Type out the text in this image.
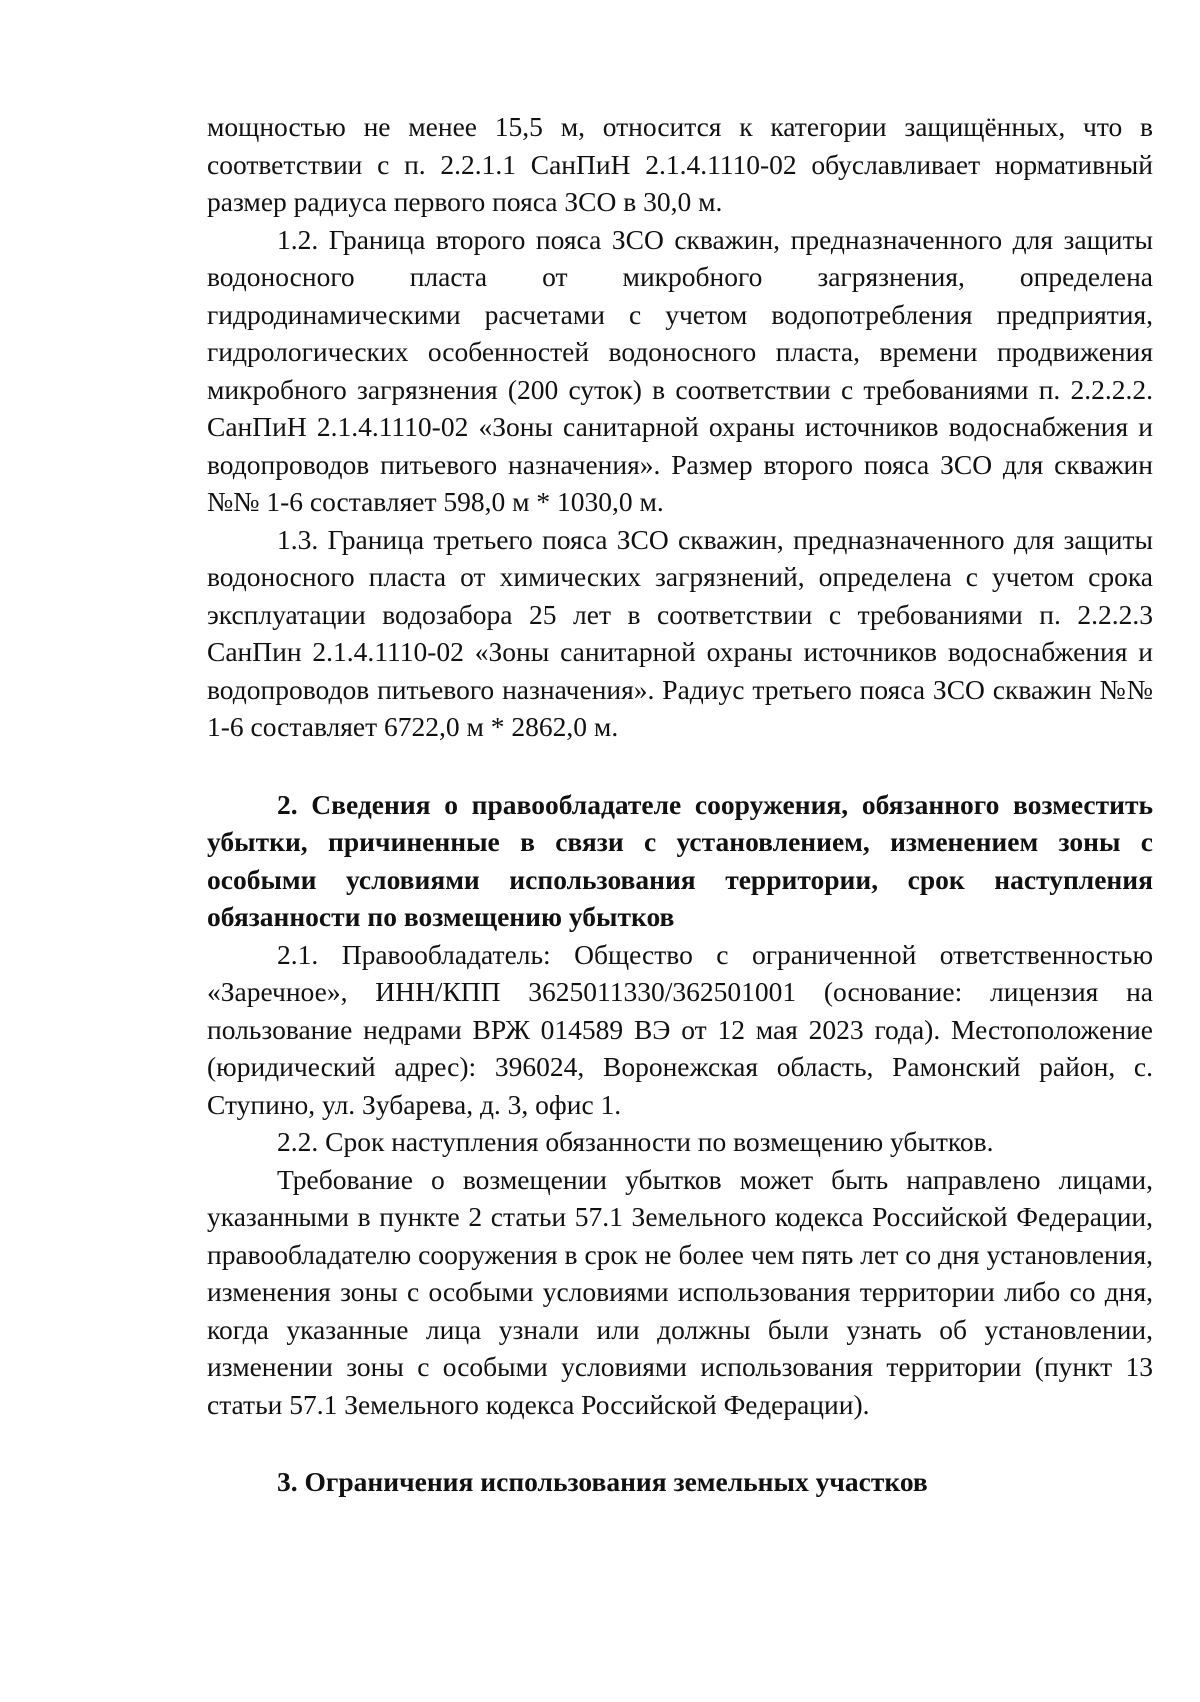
мощностью не менее 15,5 м, относится к категории защищённых, что в соответствии с п. 2.2.1.1 СанПиН 2.1.4.1110-02 обуславливает нормативный размер радиуса первого пояса ЗСО в 30,0 м.

1.2. Граница второго пояса ЗСО скважин, предназначенного для защиты водоносного пласта от микробного загрязнения, определена гидродинамическими расчетами с учетом водопотребления предприятия, гидрологических особенностей водоносного пласта, времени продвижения микробного загрязнения (200 суток) в соответствии с требованиями п. 2.2.2.2. СанПиН 2.1.4.1110-02 «Зоны санитарной охраны источников водоснабжения и водопроводов питьевого назначения». Размер второго пояса ЗСО для скважин №№ 1-6 составляет 598,0 м * 1030,0 м.

1.3. Граница третьего пояса ЗСО скважин, предназначенного для защиты водоносного пласта от химических загрязнений, определена с учетом срока эксплуатации водозабора 25 лет в соответствии с требованиями п. 2.2.2.3 СанПин 2.1.4.1110-02 «Зоны санитарной охраны источников водоснабжения и водопроводов питьевого назначения». Радиус третьего пояса ЗСО скважин №№ 1-6 составляет 6722,0 м * 2862,0 м.

2. Сведения о правообладателе сооружения, обязанного возместить убытки, причиненные в связи с установлением, изменением зоны с особыми условиями использования территории, срок наступления обязанности по возмещению убытков

2.1. Правообладатель: Общество с ограниченной ответственностью «Заречное», ИНН/КПП 3625011330/362501001 (основание: лицензия на пользование недрами ВРЖ 014589 ВЭ от 12 мая 2023 года). Местоположение (юридический адрес): 396024, Воронежская область, Рамонский район, с. Ступино, ул. Зубарева, д. 3, офис 1.

2.2. Срок наступления обязанности по возмещению убытков.

Требование о возмещении убытков может быть направлено лицами, указанными в пункте 2 статьи 57.1 Земельного кодекса Российской Федерации, правообладателю сооружения в срок не более чем пять лет со дня установления, изменения зоны с особыми условиями использования территории либо со дня, когда указанные лица узнали или должны были узнать об установлении, изменении зоны с особыми условиями использования территории (пункт 13 статьи 57.1 Земельного кодекса Российской Федерации).

3. Ограничения использования земельных участков
